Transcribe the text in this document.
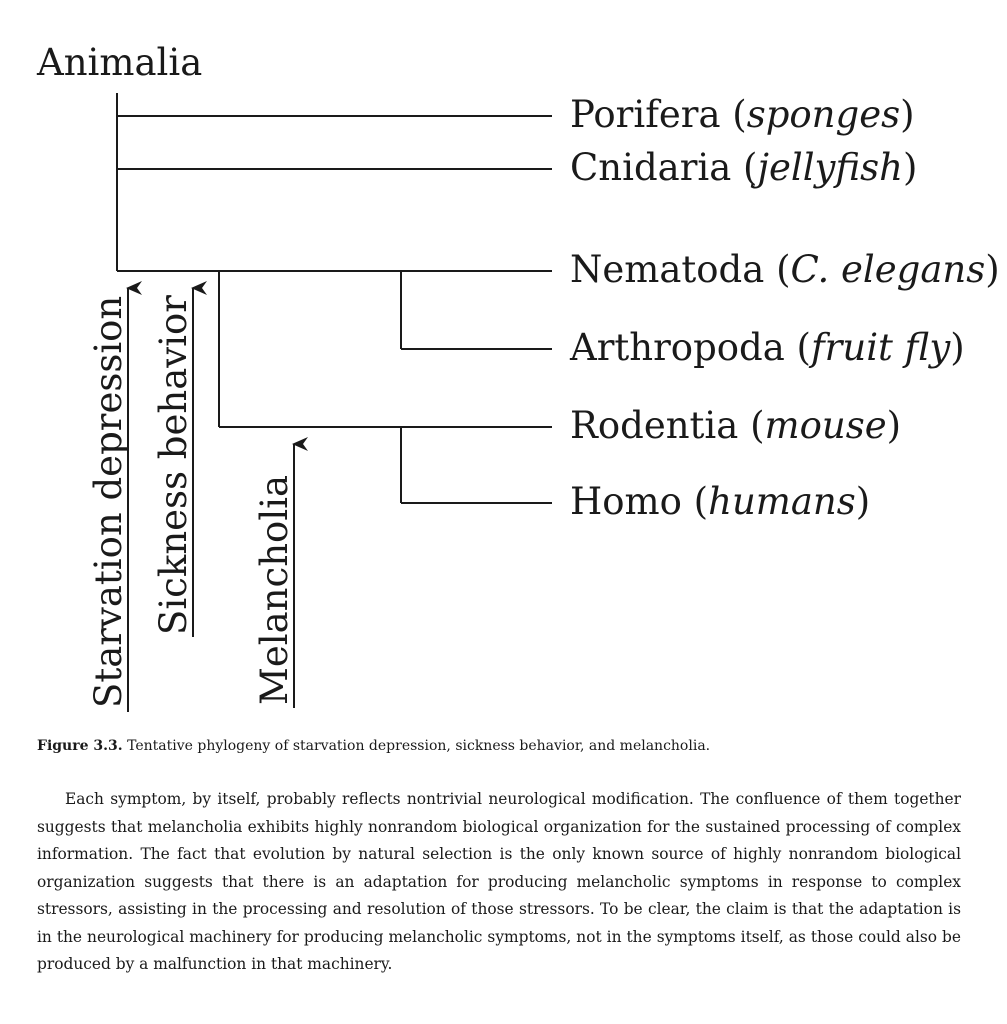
Animalia
Porifera (sponges)
Cnidaria (jellyfish)
Nematoda (C. elegans)
Arthropoda (fruit fly)
Rodentia (mouse)
Homo (humans)
Starvation depression Sickness behavior Melancholia
Figure 3.3. Tentative phylogeny of starvation depression, sickness behavior, and melancholia.

Each symptom, by itself, probably reflects nontrivial neurological modification. The confluence of them together suggests that melancholia exhibits highly nonrandom biological organization for the sustained processing of complex information. The fact that evolution by natural selection is the only known source of highly nonrandom biological organization suggests that there is an adaptation for producing melancholic symptoms in response to complex stressors, assisting in the processing and resolution of those stressors. To be clear, the claim is that the adaptation is in the neurological machinery for producing melancholic symptoms, not in the symptoms itself, as those could also be produced by a malfunction in that machinery.
